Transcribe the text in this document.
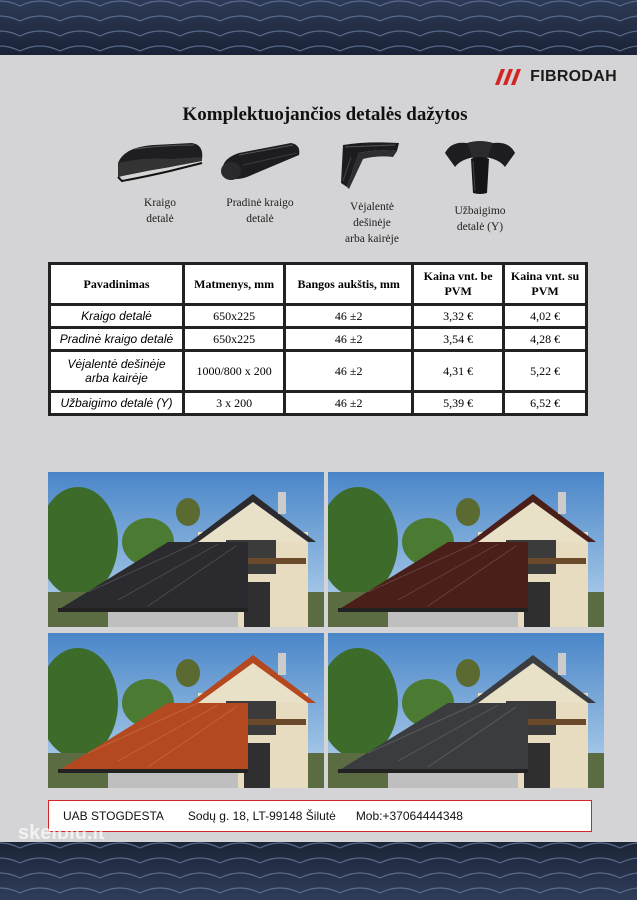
FIBRODAH
Komplektuojančios detalės dažytos
Kraigo
detalė
Pradinė kraigo
detalė
Vėjalentė
dešinėje
arba kairėje
Užbaigimo
detalė (Y)
Pavadinimas	Matmenys, mm	Bangos aukštis, mm	Kaina vnt. be PVM	Kaina vnt. su PVM
Kraigo detalė	650x225	46 ±2	3,32 €	4,02 €
Pradinė kraigo detalė	650x225	46 ±2	3,54 €	4,28 €
Vėjalentė dešinėje arba kairėje	1000/800 x 200	46 ±2	4,31 €	5,22 €
Užbaigimo detalė (Y)	3 x 200	46 ±2	5,39 €	6,52 €
UAB STOGDESTA Sodų g. 18, LT-99148 Šilutė Mob:+37064444348
skelbiu.lt
